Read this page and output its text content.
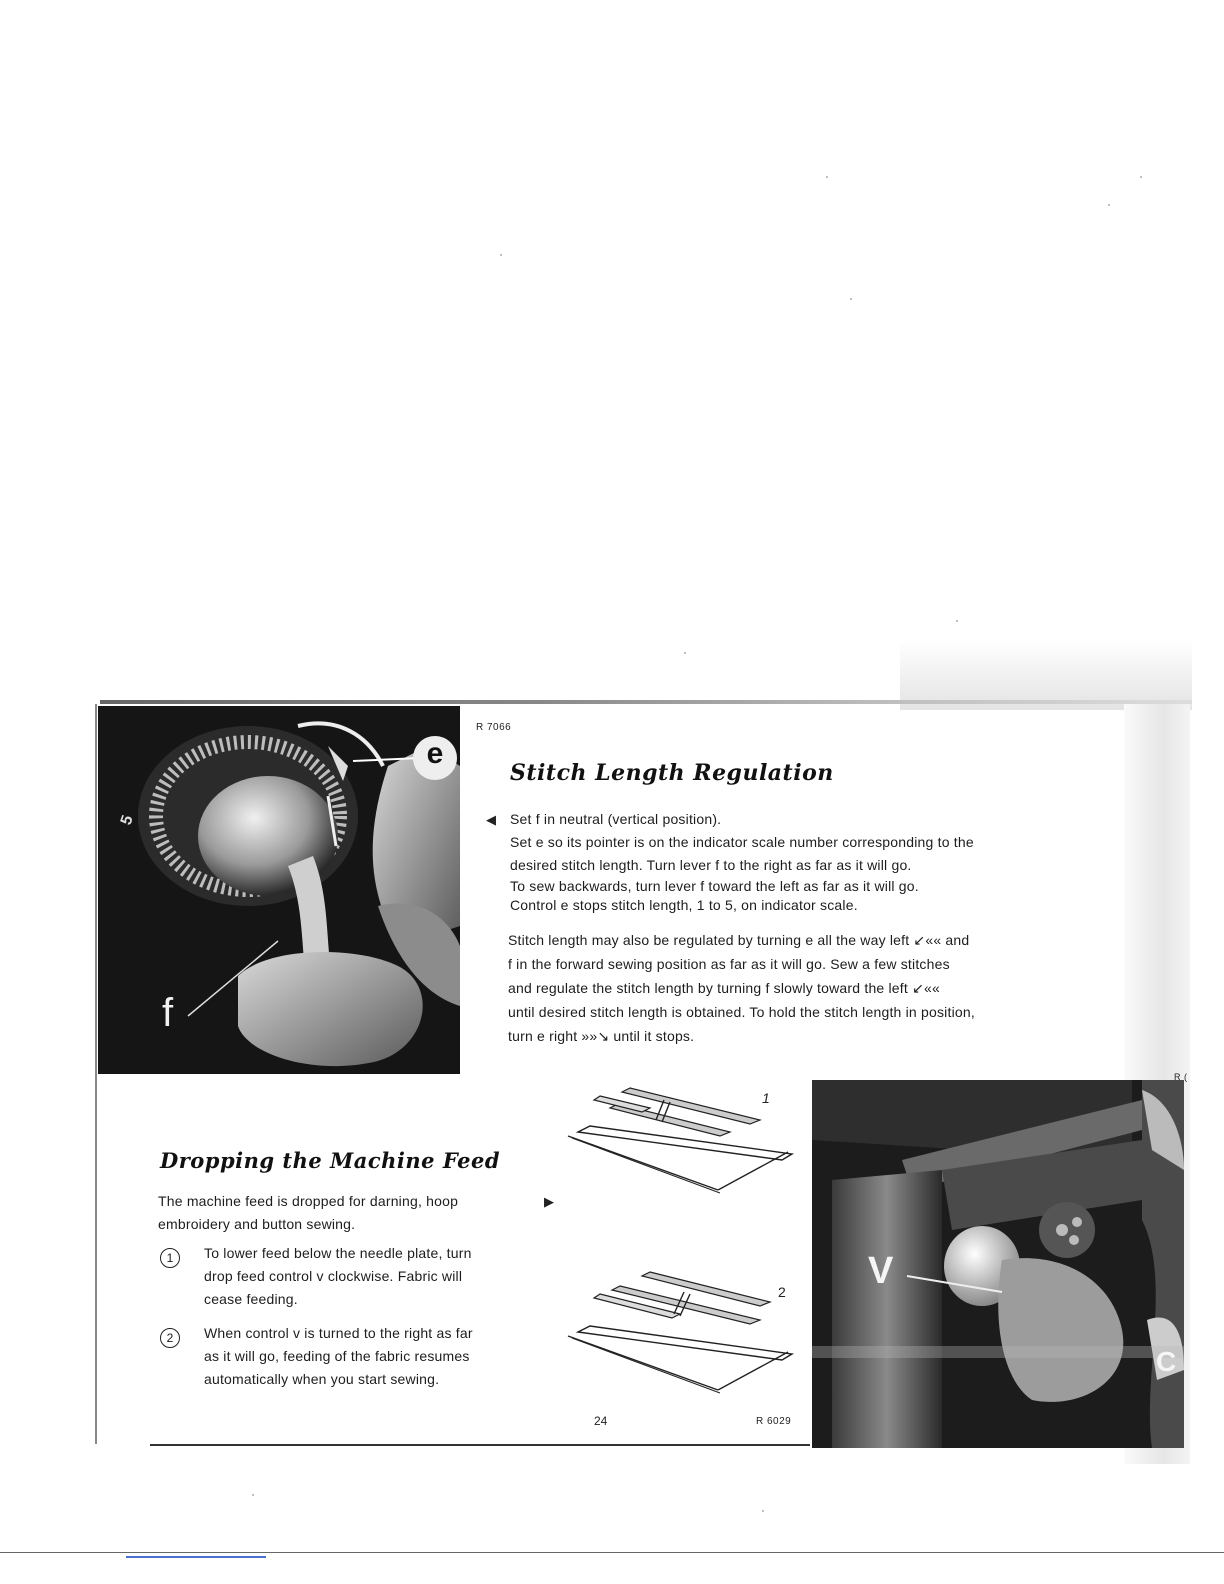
5
e
f
R 7066
Stitch Length Regulation
◀ Set f in neutral (vertical position).

Set e so its pointer is on the indicator scale number corresponding to the

desired stitch length. Turn lever f to the right as far as it will go.

To sew backwards, turn lever f toward the left as far as it will go.

Control e stops stitch length, 1 to 5, on indicator scale.

Stitch length may also be regulated by turning e all the way left ↙«« and

f in the forward sewing position as far as it will go. Sew a few stitches

and regulate the stitch length by turning f slowly toward the left ↙««

until desired stitch length is obtained. To hold the stitch length in position,

turn e right »»↘ until it stops.

1
2
Dropping the Machine Feed

The machine feed is dropped for darning, hoop

embroidery and button sewing.

▶
1	To lower feed below the needle plate, turn

drop feed control v clockwise. Fabric will

cease feeding.

2	When control v is turned to the right as far

as it will go, feeding of the fabric resumes

automatically when you start sewing.

V
C
R (
24	R 6029
